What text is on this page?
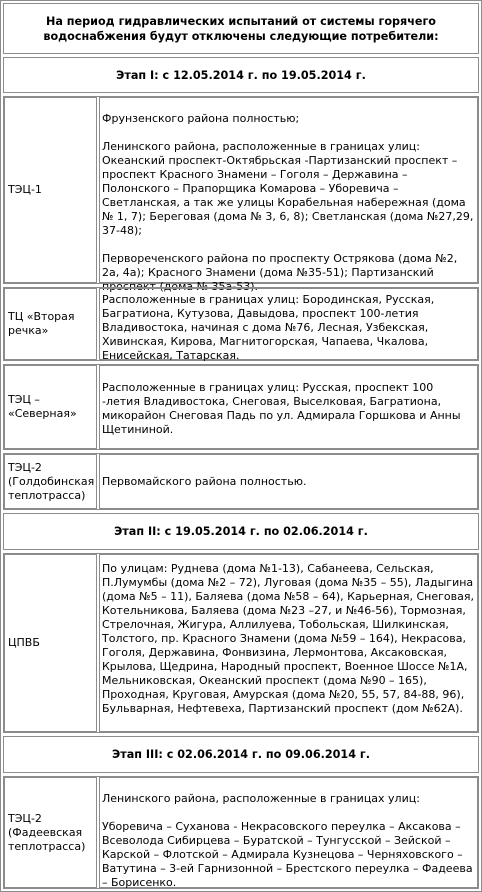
На период гидравлических испытаний от системы горячего водоснабжения будут отключены следующие потребители:
Этап I: с 12.05.2014 г. по 19.05.2014 г.
ТЭЦ-1

Фрунзенского района полностью;

Ленинского района, расположенные в границах улиц: Океанский проспект-Октябрьская -Партизанский проспект – проспект Красного Знамени – Гоголя – Державина – Полонского – Прапорщика Комарова – Уборевича – Светланская, а так же улицы Корабельная набережная (дома № 1, 7); Береговая (дома № 3, 6, 8); Светланская (дома №27,29, 37-48);

Первореченского района по проспекту Острякова (дома №2, 2а, 4а); Красного Знамени (дома №35-51); Партизанский проспект (дома № 35а-53).

ТЦ «Вторая речка»

Расположенные в границах улиц: Бородинская, Русская, Багратиона, Кутузова, Давыдова, проспект 100-летия Владивостока, начиная с дома №76, Лесная, Узбекская, Хивинская, Кирова, Магнитогорская, Чапаева, Чкалова, Енисейская, Татарская.

ТЭЦ – «Северная»

Расположенные в границах улиц: Русская, проспект 100 -летия Владивостока, Снеговая, Выселковая, Багратиона, микорайон Снеговая Падь по ул. Адмирала Горшкова и Анны Щетининой.

ТЭЦ-2 (Голдобинская теплотрасса)
Первомайского района полностью.
Этап II: с 19.05.2014 г. по 02.06.2014 г.
ЦПВБ

По улицам: Руднева (дома №1-13), Сабанеева, Сельская, П.Лумумбы (дома №2 – 72), Луговая (дома №35 – 55), Ладыгина (дома №5 – 11), Баляева (дома №58 – 64), Карьерная, Снеговая, Котельникова, Баляева (дома №23 –27, и №46-56), Тормозная, Стрелочная, Жигура, Аллилуева, Тобольская, Шилкинская, Толстого, пр. Красного Знамени (дома №59 – 164), Некрасова, Гоголя, Державина, Фонвизина, Лермонтова, Аксаковская, Крылова, Щедрина, Народный проспект, Военное Шоссе №1А, Мельниковская, Океанский проспект (дома №90 – 165), Проходная, Круговая, Амурская (дома №20, 55, 57, 84-88, 96), Бульварная, Нефтевеха, Партизанский проспект (дом №62А).

Этап III: с 02.06.2014 г. по 09.06.2014 г.
ТЭЦ-2 (Фадеевская теплотрасса)

Ленинского района, расположенные в границах улиц:

Уборевича – Суханова - Некрасовского переулка – Аксакова – Всеволода Сибирцева – Буратской – Тунгусской – Зейской – Карской – Флотской – Адмирала Кузнецова – Черняховского – Ватутина – 3-ей Гарнизонной – Брестского переулка – Фадеева – Борисенко.
